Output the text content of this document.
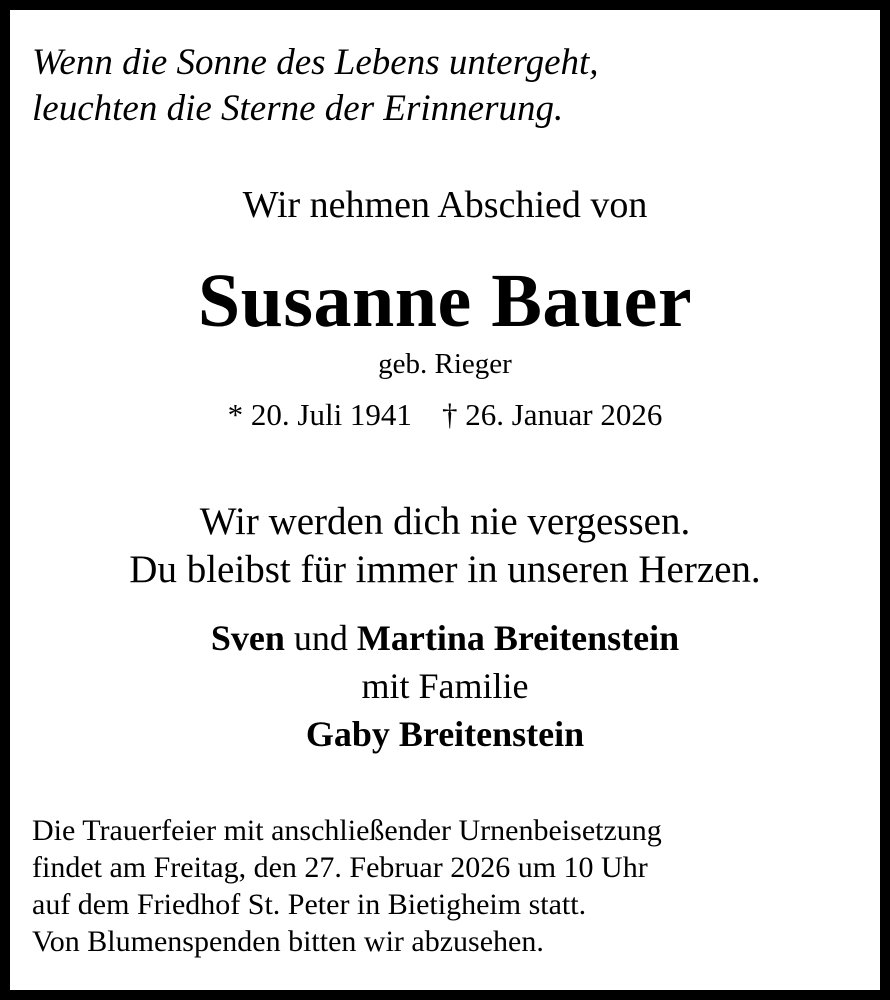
Wenn die Sonne des Lebens untergeht,
leuchten die Sterne der Erinnerung.
Wir nehmen Abschied von
Susanne Bauer
geb. Rieger
* 20. Juli 1941 † 26. Januar 2026
Wir werden dich nie vergessen.
Du bleibst für immer in unseren Herzen.
Sven und Martina Breitenstein
mit Familie
Gaby Breitenstein
Die Trauerfeier mit anschließender Urnenbeisetzung
findet am Freitag, den 27. Februar 2026 um 10 Uhr
auf dem Friedhof St. Peter in Bietigheim statt.
Von Blumenspenden bitten wir abzusehen.
